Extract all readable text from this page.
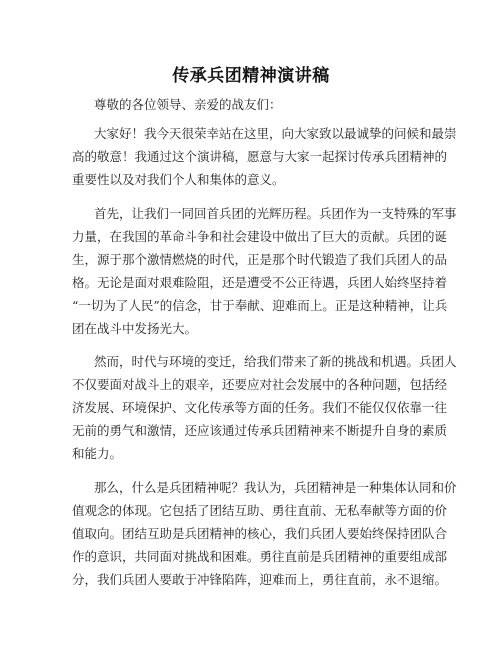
传承兵团精神演讲稿
尊敬的各位领导、亲爱的战友们：
大家好！我今天很荣幸站在这里，向大家致以最诚挚的问候和最崇
高的敬意！我通过这个演讲稿，愿意与大家一起探讨传承兵团精神的
重要性以及对我们个人和集体的意义。
首先，让我们一同回首兵团的光辉历程。兵团作为一支特殊的军事
力量，在我国的革命斗争和社会建设中做出了巨大的贡献。兵团的诞
生，源于那个激情燃烧的时代，正是那个时代锻造了我们兵团人的品
格。无论是面对艰难险阻，还是遭受不公正待遇，兵团人始终坚持着
“一切为了人民”的信念，甘于奉献、迎难而上。正是这种精神，让兵
团在战斗中发扬光大。
然而，时代与环境的变迁，给我们带来了新的挑战和机遇。兵团人
不仅要面对战斗上的艰辛，还要应对社会发展中的各种问题，包括经
济发展、环境保护、文化传承等方面的任务。我们不能仅仅依靠一往
无前的勇气和激情，还应该通过传承兵团精神来不断提升自身的素质
和能力。
那么，什么是兵团精神呢？我认为，兵团精神是一种集体认同和价
值观念的体现。它包括了团结互助、勇往直前、无私奉献等方面的价
值取向。团结互助是兵团精神的核心，我们兵团人要始终保持团队合
作的意识，共同面对挑战和困难。勇往直前是兵团精神的重要组成部
分，我们兵团人要敢于冲锋陷阵，迎难而上，勇往直前，永不退缩。
